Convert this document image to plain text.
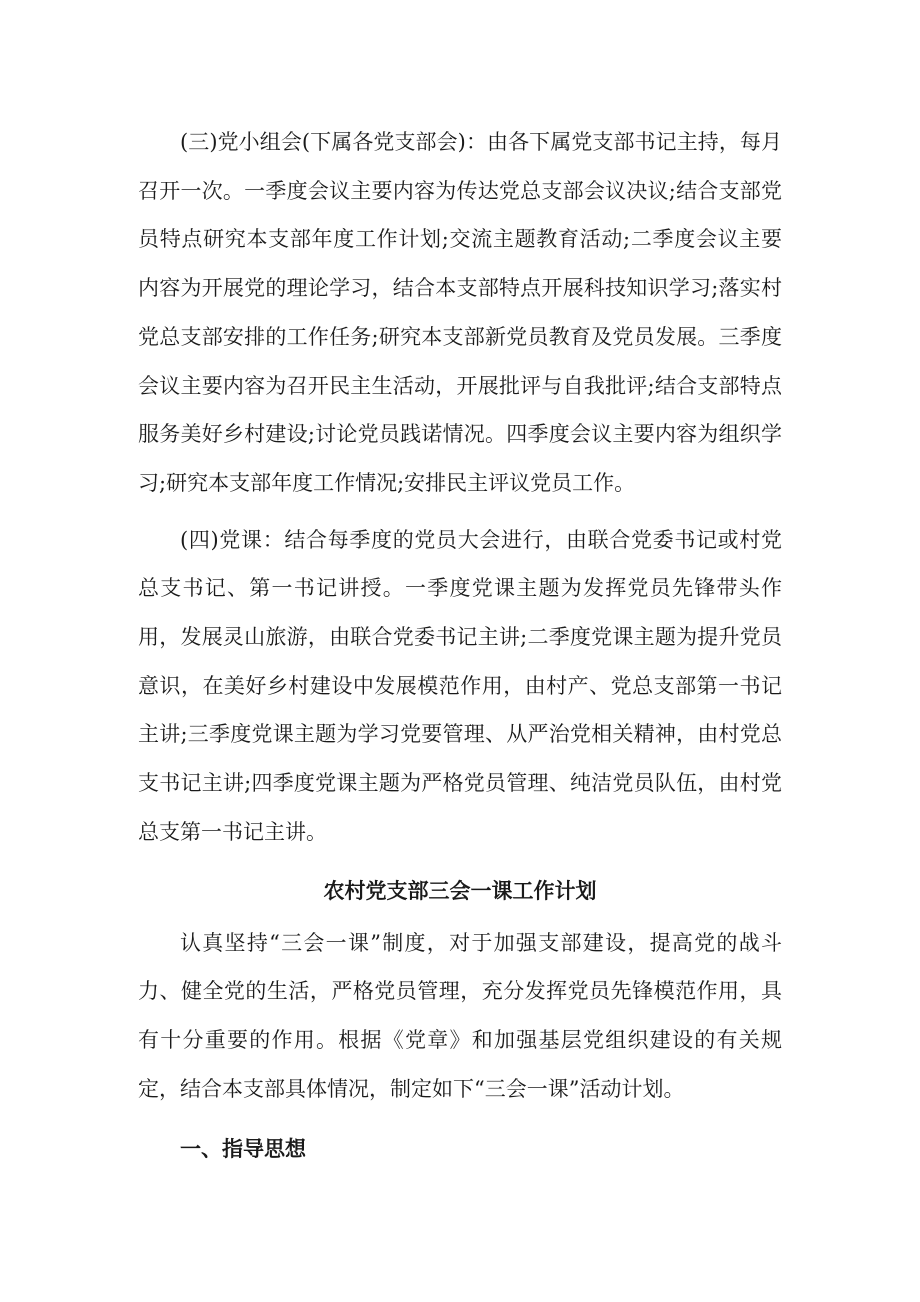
(三)党小组会(下属各党支部会)：由各下属党支部书记主持，每月召开一次。一季度会议主要内容为传达党总支部会议决议;结合支部党员特点研究本支部年度工作计划;交流主题教育活动;二季度会议主要内容为开展党的理论学习，结合本支部特点开展科技知识学习;落实村党总支部安排的工作任务;研究本支部新党员教育及党员发展。三季度会议主要内容为召开民主生活动，开展批评与自我批评;结合支部特点服务美好乡村建设;讨论党员践诺情况。四季度会议主要内容为组织学习;研究本支部年度工作情况;安排民主评议党员工作。

(四)党课：结合每季度的党员大会进行，由联合党委书记或村党总支书记、第一书记讲授。一季度党课主题为发挥党员先锋带头作用，发展灵山旅游，由联合党委书记主讲;二季度党课主题为提升党员意识，在美好乡村建设中发展模范作用，由村产、党总支部第一书记主讲;三季度党课主题为学习党要管理、从严治党相关精神，由村党总支书记主讲;四季度党课主题为严格党员管理、纯洁党员队伍，由村党总支第一书记主讲。

农村党支部三会一课工作计划

认真坚持“三会一课”制度，对于加强支部建设，提高党的战斗力、健全党的生活，严格党员管理，充分发挥党员先锋模范作用，具有十分重要的作用。根据《党章》和加强基层党组织建设的有关规定，结合本支部具体情况，制定如下“三会一课”活动计划。

一、指导思想
